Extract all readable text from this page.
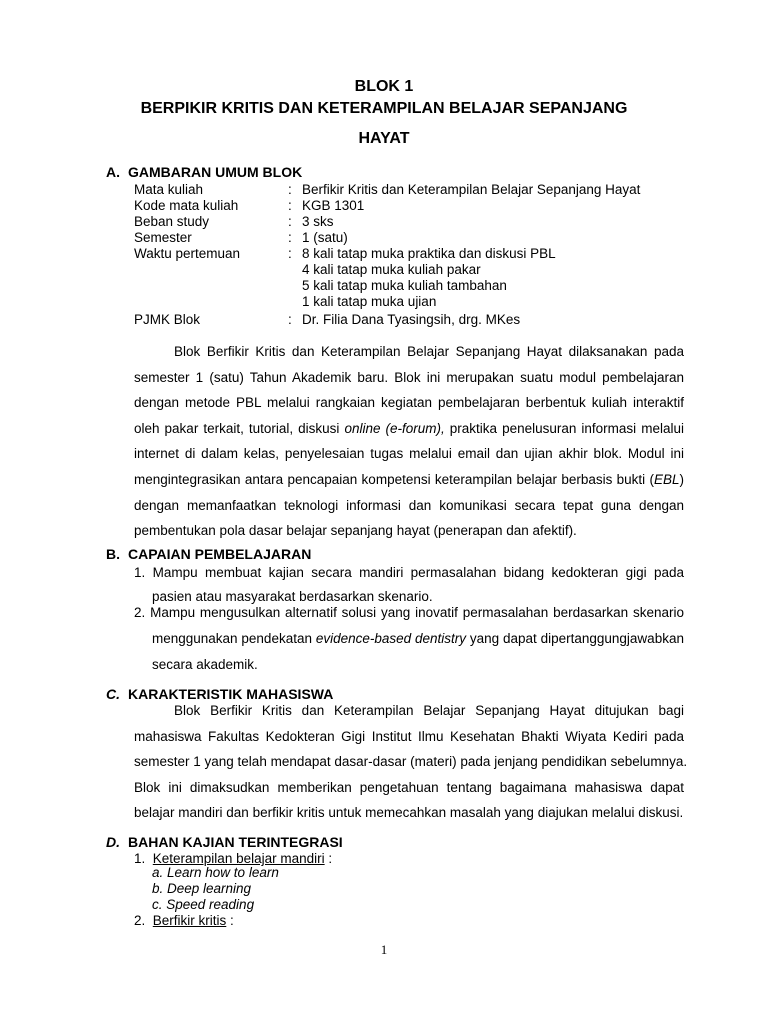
BLOK 1
BERPIKIR KRITIS DAN KETERAMPILAN BELAJAR SEPANJANG
HAYAT
A. GAMBARAN UMUM BLOK
Mata kuliah	: Berfikir Kritis dan Keterampilan Belajar Sepanjang Hayat
Kode mata kuliah	: KGB 1301
Beban study	: 3 sks
Semester	: 1 (satu)
Waktu pertemuan	: 8 kali tatap muka praktika dan diskusi PBL
4 kali tatap muka kuliah pakar
5 kali tatap muka kuliah tambahan
1 kali tatap muka ujian
PJMK Blok	: Dr. Filia Dana Tyasingsih, drg. MKes
Blok Berfikir Kritis dan Keterampilan Belajar Sepanjang Hayat dilaksanakan pada
semester 1 (satu) Tahun Akademik baru. Blok ini merupakan suatu modul pembelajaran
dengan metode PBL melalui rangkaian kegiatan pembelajaran berbentuk kuliah interaktif
oleh pakar terkait, tutorial, diskusi online (e-forum), praktika penelusuran informasi melalui
internet di dalam kelas, penyelesaian tugas melalui email dan ujian akhir blok. Modul ini
mengintegrasikan antara pencapaian kompetensi keterampilan belajar berbasis bukti (EBL)
dengan memanfaatkan teknologi informasi dan komunikasi secara tepat guna dengan
pembentukan pola dasar belajar sepanjang hayat (penerapan dan afektif).
B. CAPAIAN PEMBELAJARAN
1. Mampu membuat kajian secara mandiri permasalahan bidang kedokteran gigi pada
pasien atau masyarakat berdasarkan skenario.
2. Mampu mengusulkan alternatif solusi yang inovatif permasalahan berdasarkan skenario
menggunakan pendekatan evidence-based dentistry yang dapat dipertanggungjawabkan
secara akademik.
C. KARAKTERISTIK MAHASISWA
Blok Berfikir Kritis dan Keterampilan Belajar Sepanjang Hayat ditujukan bagi
mahasiswa Fakultas Kedokteran Gigi Institut Ilmu Kesehatan Bhakti Wiyata Kediri pada
semester 1 yang telah mendapat dasar-dasar (materi) pada jenjang pendidikan sebelumnya.
Blok ini dimaksudkan memberikan pengetahuan tentang bagaimana mahasiswa dapat
belajar mandiri dan berfikir kritis untuk memecahkan masalah yang diajukan melalui diskusi.
D. BAHAN KAJIAN TERINTEGRASI
1. Keterampilan belajar mandiri :
a. Learn how to learn
b. Deep learning
c. Speed reading
2. Berfikir kritis :
1
